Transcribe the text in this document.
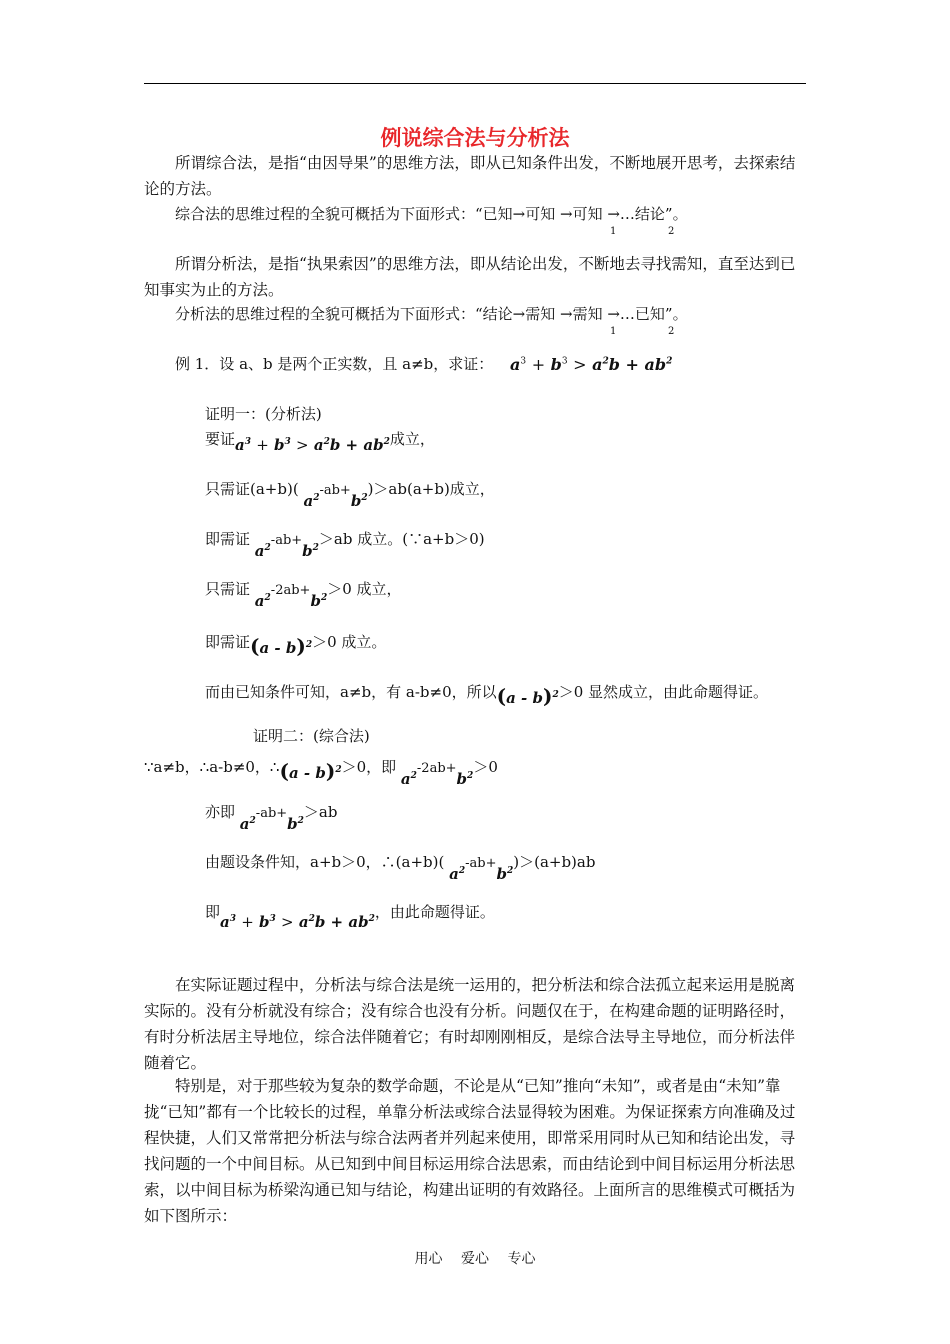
例说综合法与分析法
所谓综合法，是指“由因导果”的思维方法，即从已知条件出发，不断地展开思考，去探索结论的方法。
综合法的思维过程的全貌可概括为下面形式：“已知→可知 →可知 →…结论”。
1	2
所谓分析法，是指“执果索因”的思维方法，即从结论出发，不断地去寻找需知，直至达到已知事实为止的方法。
分析法的思维过程的全貌可概括为下面形式：“结论→需知 →需知 →…已知”。
1	2
例 1．设 a、b 是两个正实数，且 a≠b，求证： $a^3 + b^3 > a^2b + ab^2$
证明一：(分析法)
要证$a^3 + b^3 > a^2b + ab^2$成立，
只需证(a+b)( $a^2-ab+b^2)>ab(a+b)$成立，
即需证 $a^2-ab+b^2>ab$ 成立。(∵a+b＞0)
只需证 $a^2-2ab+b^2>0$ 成立，
即需证(a - b)$^2$＞0 成立。
而由已知条件可知，a≠b，有 a-b≠0，所以(a - b)$^2$＞0 显然成立，由此命题得证。
证明二：(综合法)
∵a≠b，∴a-b≠0，∴(a - b)$^2$＞0，即 $a^2-2ab+b^2>0$
亦即 $a^2-ab+b^2>ab$
由题设条件知，a+b＞0，∴(a+b)( $a^2-ab+b^2)>(a+b)ab$
即$a^3 + b^3 > a^2b + ab^2$，由此命题得证。
在实际证题过程中，分析法与综合法是统一运用的，把分析法和综合法孤立起来运用是脱离实际的。没有分析就没有综合；没有综合也没有分析。问题仅在于，在构建命题的证明路径时，有时分析法居主导地位，综合法伴随着它；有时却刚刚相反，是综合法导主导地位，而分析法伴随着它。
特别是，对于那些较为复杂的数学命题，不论是从“已知”推向“未知”，或者是由“未知”靠拢“已知”都有一个比较长的过程，单靠分析法或综合法显得较为困难。为保证探索方向准确及过程快捷，人们又常常把分析法与综合法两者并列起来使用，即常采用同时从已知和结论出发，寻找问题的一个中间目标。从已知到中间目标运用综合法思索，而由结论到中间目标运用分析法思索，以中间目标为桥梁沟通已知与结论，构建出证明的有效路径。上面所言的思维模式可概括为如下图所示：
用心 爱心 专心
